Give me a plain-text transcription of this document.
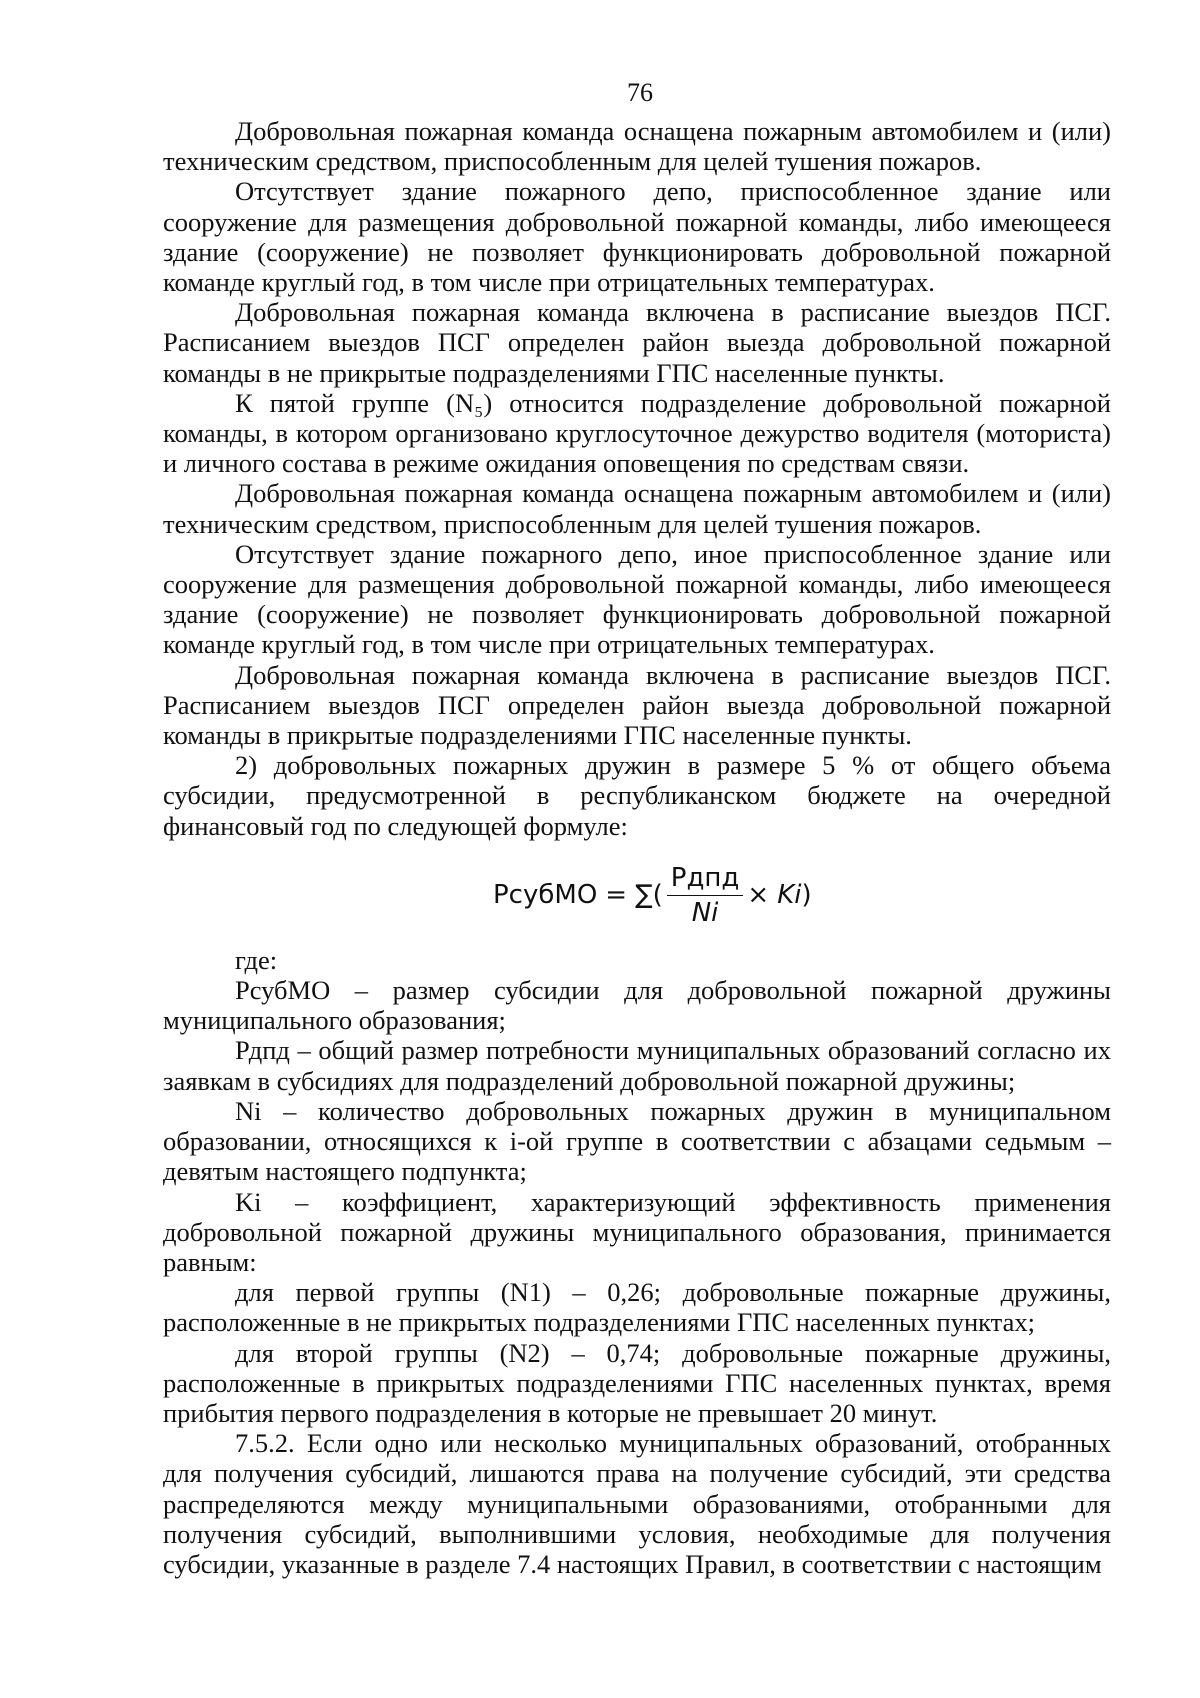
76

Добровольная пожарная команда оснащена пожарным автомобилем и (или) техническим средством, приспособленным для целей тушения пожаров.

Отсутствует здание пожарного депо, приспособленное здание или сооружение для размещения добровольной пожарной команды, либо имеющееся здание (сооружение) не позволяет функционировать добровольной пожарной команде круглый год, в том числе при отрицательных температурах.

Добровольная пожарная команда включена в расписание выездов ПСГ. Расписанием выездов ПСГ определен район выезда добровольной пожарной команды в не прикрытые подразделениями ГПС населенные пункты.

К пятой группе (N₅) относится подразделение добровольной пожарной команды, в котором организовано круглосуточное дежурство водителя (моториста) и личного состава в режиме ожидания оповещения по средствам связи.

Добровольная пожарная команда оснащена пожарным автомобилем и (или) техническим средством, приспособленным для целей тушения пожаров.

Отсутствует здание пожарного депо, иное приспособленное здание или сооружение для размещения добровольной пожарной команды, либо имеющееся здание (сооружение) не позволяет функционировать добровольной пожарной команде круглый год, в том числе при отрицательных температурах.

Добровольная пожарная команда включена в расписание выездов ПСГ. Расписанием выездов ПСГ определен район выезда добровольной пожарной команды в прикрытые подразделениями ГПС населенные пункты.

2) добровольных пожарных дружин в размере 5 % от общего объема субсидии, предусмотренной в республиканском бюджете на очередной финансовый год по следующей формуле:

РсубМО = ∑( $\frac{\text{Рдпд}}{Ni} \times Ki$ )

где:

РсубМО – размер субсидии для добровольной пожарной дружины муниципального образования;

Рдпд – общий размер потребности муниципальных образований согласно их заявкам в субсидиях для подразделений добровольной пожарной дружины;

Ni – количество добровольных пожарных дружин в муниципальном образовании, относящихся к i-ой группе в соответствии с абзацами седьмым – девятым настоящего подпункта;

Ki – коэффициент, характеризующий эффективность применения добровольной пожарной дружины муниципального образования, принимается равным:

для первой группы (N1) – 0,26; добровольные пожарные дружины, расположенные в не прикрытых подразделениями ГПС населенных пунктах;

для второй группы (N2) – 0,74; добровольные пожарные дружины, расположенные в прикрытых подразделениями ГПС населенных пунктах, время прибытия первого подразделения в которые не превышает 20 минут.

7.5.2. Если одно или несколько муниципальных образований, отобранных для получения субсидий, лишаются права на получение субсидий, эти средства распределяются между муниципальными образованиями, отобранными для получения субсидий, выполнившими условия, необходимые для получения субсидии, указанные в разделе 7.4 настоящих Правил, в соответствии с настоящим
